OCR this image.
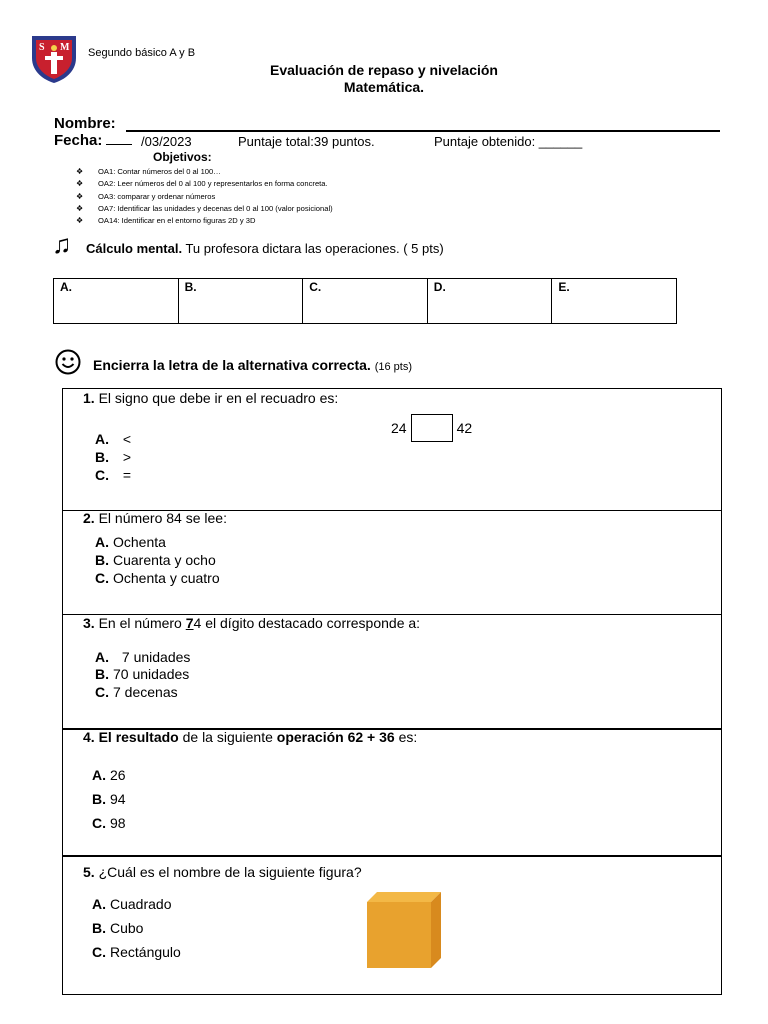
S M Segundo básico A y B
Evaluación de repaso y nivelación
Matemática.
Nombre:
Fecha:	/03/2023	Puntaje total:39 puntos.	Puntaje obtenido: ______
Objetivos:
❖	OA1: Contar números del 0 al 100…
❖	OA2: Leer números del 0 al 100 y representarlos en forma concreta.
❖	OA3: comparar y ordenar números
❖	OA7: Identificar las unidades y decenas del 0 al 100 (valor posicional)
❖	OA14: Identificar en el entorno figuras 2D y 3D
♫ Cálculo mental. Tu profesora dictara las operaciones. ( 5 pts)
A.	B.	C.	D.	E.
Encierra la letra de la alternativa correcta. (16 pts)
1. El signo que debe ir en el recuadro es:
24	42
A. <
B. >
C. =
2. El número 84 se lee:
A. Ochenta
B. Cuarenta y ocho
C. Ochenta y cuatro
3. En el número 74 el dígito destacado corresponde a:
A. 7 unidades
B. 70 unidades
C. 7 decenas
4. El resultado de la siguiente operación 62 + 36 es:
A. 26
B. 94
C. 98
5. ¿Cuál es el nombre de la siguiente figura?
A. Cuadrado
B. Cubo
C. Rectángulo
